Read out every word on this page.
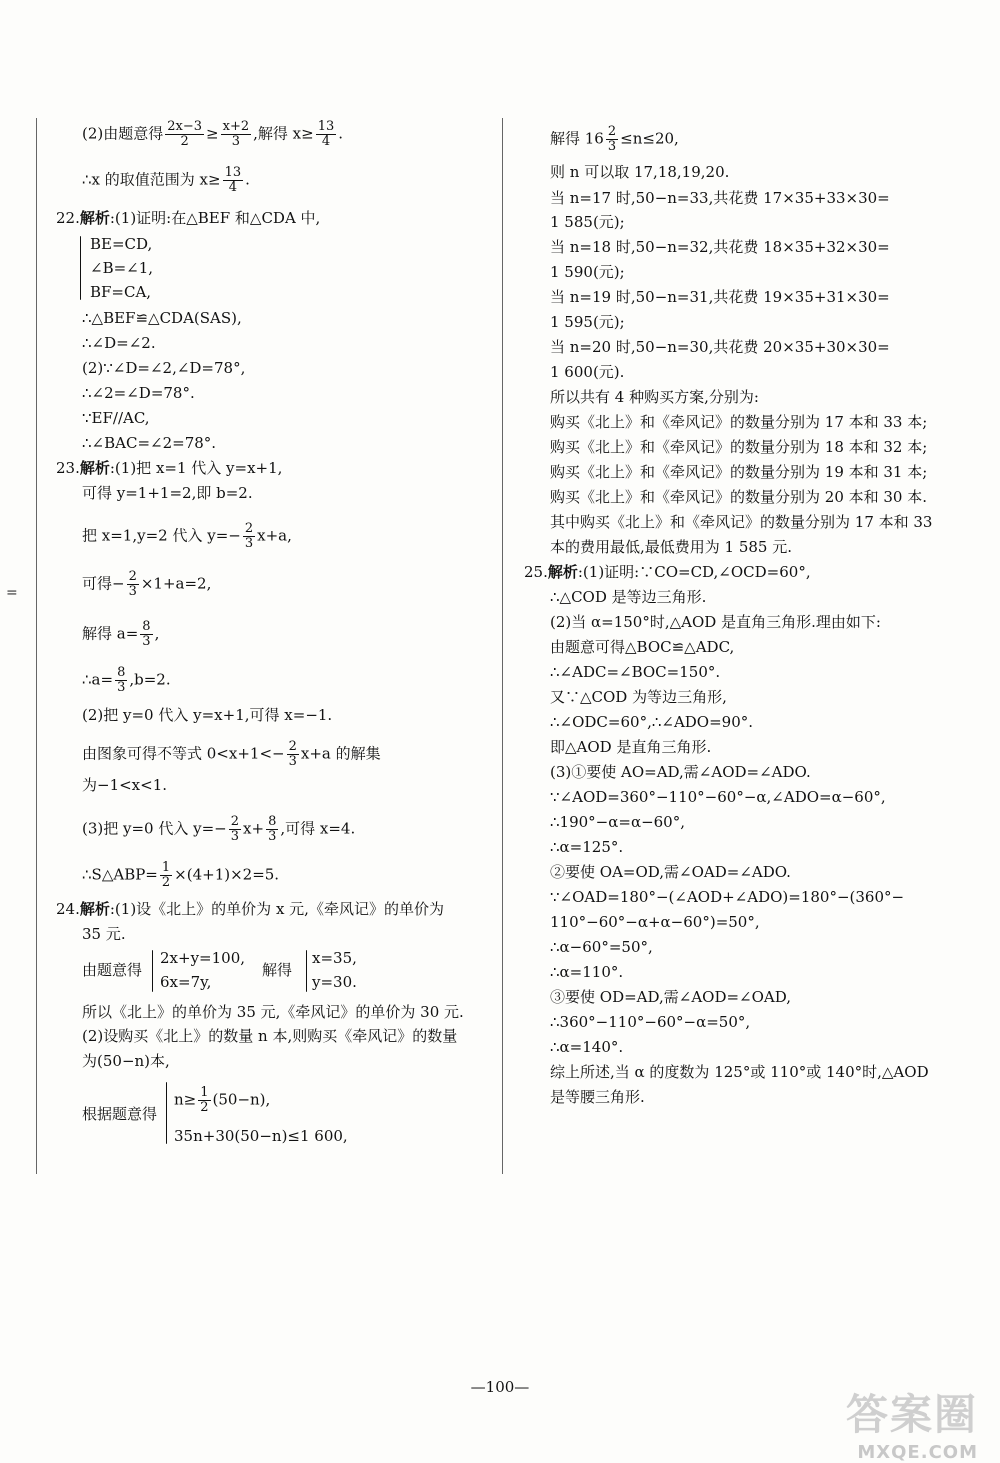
=
(2)由题意得 $\frac{2x-3}{2} \ge \frac{x+2}{3}$ ,解得 $x\ge \frac{13}{4}$ .
∴x 的取值范围为 $x\ge \frac{13}{4}$ .
22.解析:(1)证明:在△BEF 和△CDA 中,
BE=CD,
∠B=∠1,
BF=CA,
∴△BEF≌△CDA(SAS),
∴∠D=∠2.
(2)∵∠D=∠2,∠D=78°,
∴∠2=∠D=78°.
∵EF//AC,
∴∠BAC=∠2=78°.
23.解析:(1)把 x=1 代入 y=x+1,
可得 y=1+1=2,即 b=2.
把 x=1,y=2 代入 $y=- \frac{2}{3} x+a$,
可得− $\frac{2}{3} \times 1+a=2$,
解得 $a= \frac{8}{3}$ ,
∴a= $\frac{8}{3} ,b=2$.
(2)把 y=0 代入 y=x+1,可得 x=−1.
由图象可得不等式 $0<x+1<- \frac{2}{3} x+a$ 的解集
为−1<x<1.
(3)把 y=0 代入 $y=- \frac{2}{3} x+ \frac{8}{3}$ ,可得 x=4.
∴S△ABP= $\frac{1}{2} \times(4+1)\times 2=5$.
24.解析:(1)设《北上》的单价为 x 元,《牵风记》的单价为
35 元.
由题意得
2x+y=100,
6x=7y,
解得
x=35,
y=30.
所以《北上》的单价为 35 元,《牵风记》的单价为 30 元.
(2)设购买《北上》的数量 n 本,则购买《牵风记》的数量
为(50−n)本,
根据题意得
$n\ge \frac{1}{2} (50-n)$,
35n+30(50−n)≤1 600,
解得 $16 \frac{2}{3} \le n\le 20$,
则 n 可以取 17,18,19,20.
当 n=17 时,50−n=33,共花费 17×35+33×30=
1 585(元);
当 n=18 时,50−n=32,共花费 18×35+32×30=
1 590(元);
当 n=19 时,50−n=31,共花费 19×35+31×30=
1 595(元);
当 n=20 时,50−n=30,共花费 20×35+30×30=
1 600(元).
所以共有 4 种购买方案,分别为:
购买《北上》和《牵风记》的数量分别为 17 本和 33 本;
购买《北上》和《牵风记》的数量分别为 18 本和 32 本;
购买《北上》和《牵风记》的数量分别为 19 本和 31 本;
购买《北上》和《牵风记》的数量分别为 20 本和 30 本.
其中购买《北上》和《牵风记》的数量分别为 17 本和 33
本的费用最低,最低费用为 1 585 元.
25.解析:(1)证明:∵CO=CD,∠OCD=60°,
∴△COD 是等边三角形.
(2)当 α=150°时,△AOD 是直角三角形.理由如下:
由题意可得△BOC≌△ADC,
∴∠ADC=∠BOC=150°.
又∵△COD 为等边三角形,
∴∠ODC=60°,∴∠ADO=90°.
即△AOD 是直角三角形.
(3)①要使 AO=AD,需∠AOD=∠ADO.
∵∠AOD=360°−110°−60°−α,∠ADO=α−60°,
∴190°−α=α−60°,
∴α=125°.
②要使 OA=OD,需∠OAD=∠ADO.
∵∠OAD=180°−(∠AOD+∠ADO)=180°−(360°−
110°−60°−α+α−60°)=50°,
∴α−60°=50°,
∴α=110°.
③要使 OD=AD,需∠AOD=∠OAD,
∴360°−110°−60°−α=50°,
∴α=140°.
综上所述,当 α 的度数为 125°或 110°或 140°时,△AOD
是等腰三角形.
—100—
答案圈
MXQE.COM
